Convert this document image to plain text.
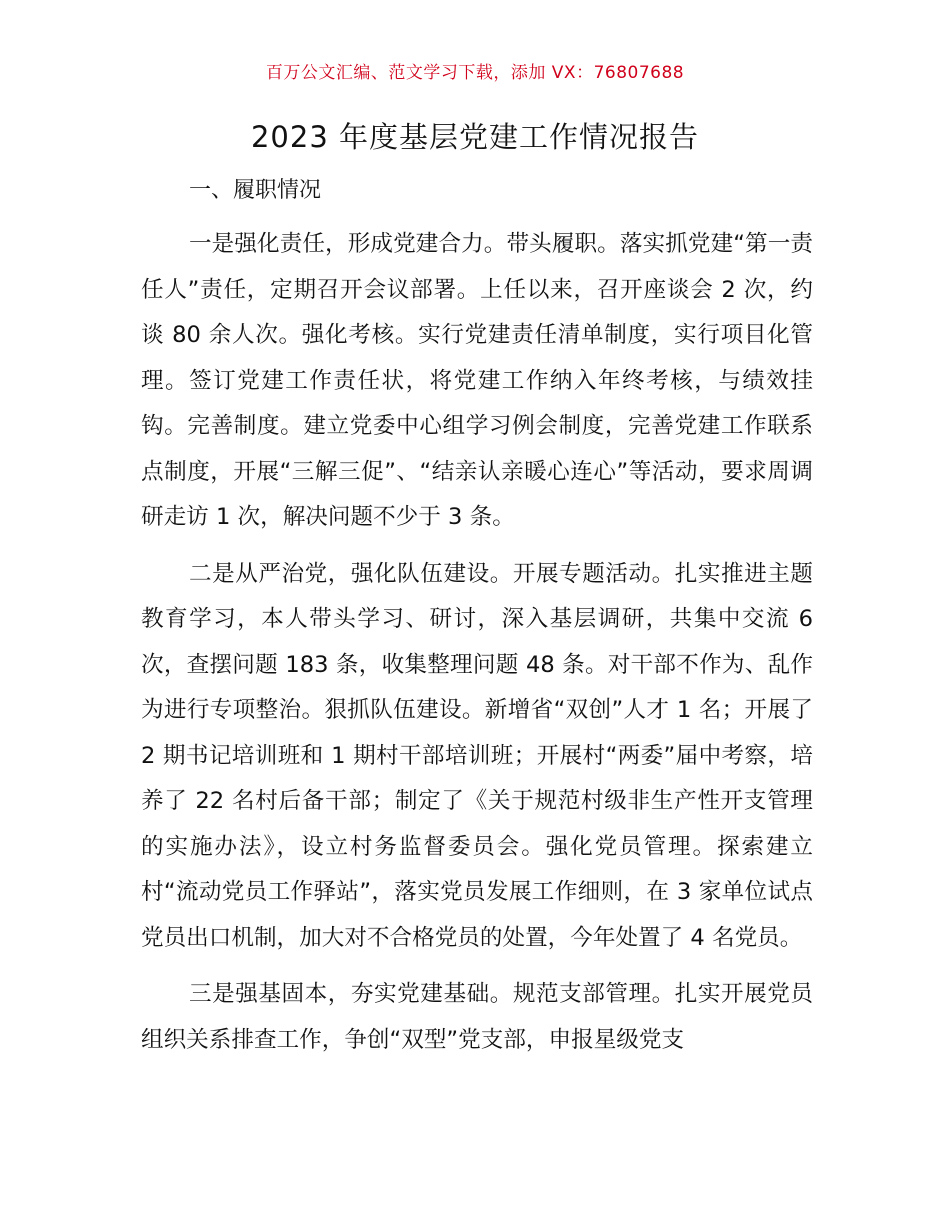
百万公文汇编、范文学习下载，添加 VX：76807688
2023 年度基层党建工作情况报告

一、履职情况

一是强化责任，形成党建合力。带头履职。落实抓党建“第一责任人”责任，定期召开会议部署。上任以来，召开座谈会 2 次，约谈 80 余人次。强化考核。实行党建责任清单制度，实行项目化管理。签订党建工作责任状，将党建工作纳入年终考核，与绩效挂钩。完善制度。建立党委中心组学习例会制度，完善党建工作联系点制度，开展“三解三促”、“结亲认亲暖心连心”等活动，要求周调研走访 1 次，解决问题不少于 3 条。

二是从严治党，强化队伍建设。开展专题活动。扎实推进主题教育学习，本人带头学习、研讨，深入基层调研，共集中交流 6 次，查摆问题 183 条，收集整理问题 48 条。对干部不作为、乱作为进行专项整治。狠抓队伍建设。新增省“双创”人才 1 名；开展了 2 期书记培训班和 1 期村干部培训班；开展村“两委”届中考察，培养了 22 名村后备干部；制定了《关于规范村级非生产性开支管理的实施办法》，设立村务监督委员会。强化党员管理。探索建立村“流动党员工作驿站”，落实党员发展工作细则，在 3 家单位试点党员出口机制，加大对不合格党员的处置，今年处置了 4 名党员。

三是强基固本，夯实党建基础。规范支部管理。扎实开展党员组织关系排查工作，争创“双型”党支部，申报星级党支
